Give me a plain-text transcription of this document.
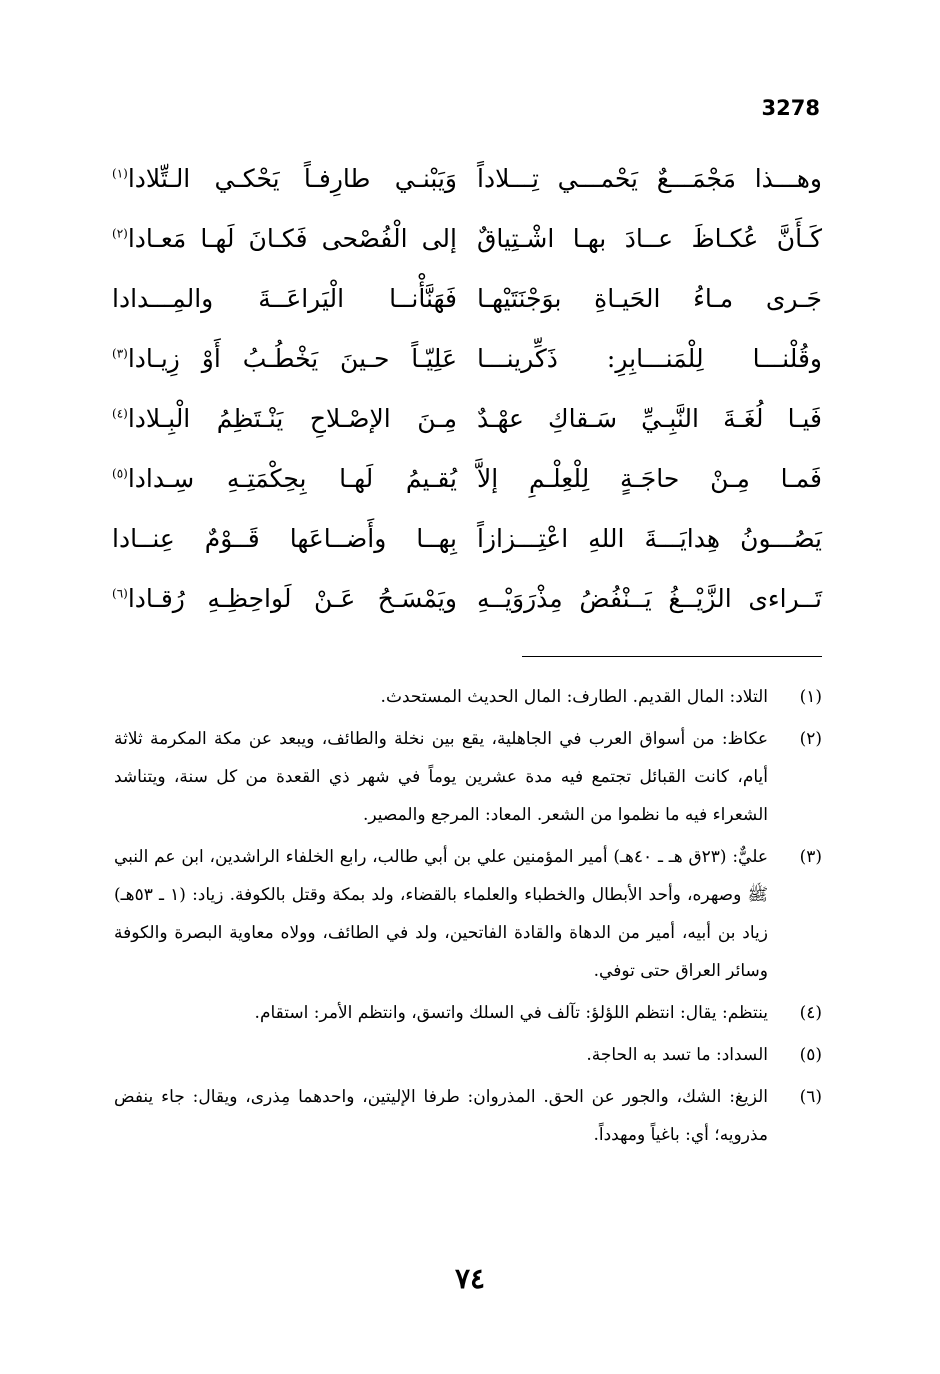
3278
وهـــذا مَجْمَـــعٌ يَحْمـــي تِـــلاداً
وَيَبْنـي طارِفـاً يَحْكـي الـتِّلادا$^{(١)}$
كَـأَنَّ عُكـاظَ عــادَ بهـا اشْـتِياقٌ
إلى الْفُصْحى فَكـانَ لَهـا مَعـادا$^{(٢)}$
جَـرى مـاءُ الحَيـاةِ بوَجْنَتَيْهـا
فَهَنَّأْنــا الْيَراعَــةَ والمِـــدادا
وقُلْنـــا لِلْمَنـــابِرِ: ذَكِّرينـــا
عَلِيّـاً حـينَ يَخْطُـبُ أَوْ زِيـادا$^{(٣)}$
فَيـا لُغَـةَ النَّبِـيِّ سَـقاكِ عهْـدٌ
مِـنَ الإصْـلاحِ يَنْـتَظِمُ الْبِـلادا$^{(٤)}$
فَمـا مِـنْ حاجَـةٍ لِلْعِلْـمِ إلاَّ
يُقـيمُ لَهـا بِحِكْمَتِـهِ سِـدادا$^{(٥)}$
يَصُـــونُ هِدايَـــةَ اللهِ اعْتِـــزازاً
بِهــا وأَضــاعَها قَــوْمٌ عِنــادا
تَــراءى الزَّيْــغُ يَــنْفُضُ مِذْرَوَيْــهِ
ويَمْسَـحُ عَـنْ لَواحِظِـهِ رُقـادا$^{(٦)}$
(١)
التلاد: المال القديم. الطارف: المال الحديث المستحدث.
(٢)
عكاظ: من أسواق العرب في الجاهلية، يقع بين نخلة والطائف، ويبعد عن مكة المكرمة ثلاثة أيام، كانت القبائل تجتمع فيه مدة عشرين يوماً في شهر ذي القعدة من كل سنة، ويتناشد الشعراء فيه ما نظموا من الشعر. المعاد: المرجع والمصير.
(٣)
عليٌّ: (٢٣ق هـ ـ ٤٠هـ) أمير المؤمنين علي بن أبي طالب، رابع الخلفاء الراشدين، ابن عم النبي ﷺ وصهره، وأحد الأبطال والخطباء والعلماء بالقضاء، ولد بمكة وقتل بالكوفة. زياد: (١ ـ ٥٣هـ) زياد بن أبيه، أمير من الدهاة والقادة الفاتحين، ولد في الطائف، وولاه معاوية البصرة والكوفة وسائر العراق حتى توفي.
(٤)
ينتظم: يقال: انتظم اللؤلؤ: تآلف في السلك واتسق، وانتظم الأمر: استقام.
(٥)
السداد: ما تسد به الحاجة.
(٦)
الزيغ: الشك، والجور عن الحق. المذروان: طرفا الإليتين، واحدهما مِذرى، ويقال: جاء ينفض مذرويه؛ أي: باغياً ومهدداً.
٧٤
